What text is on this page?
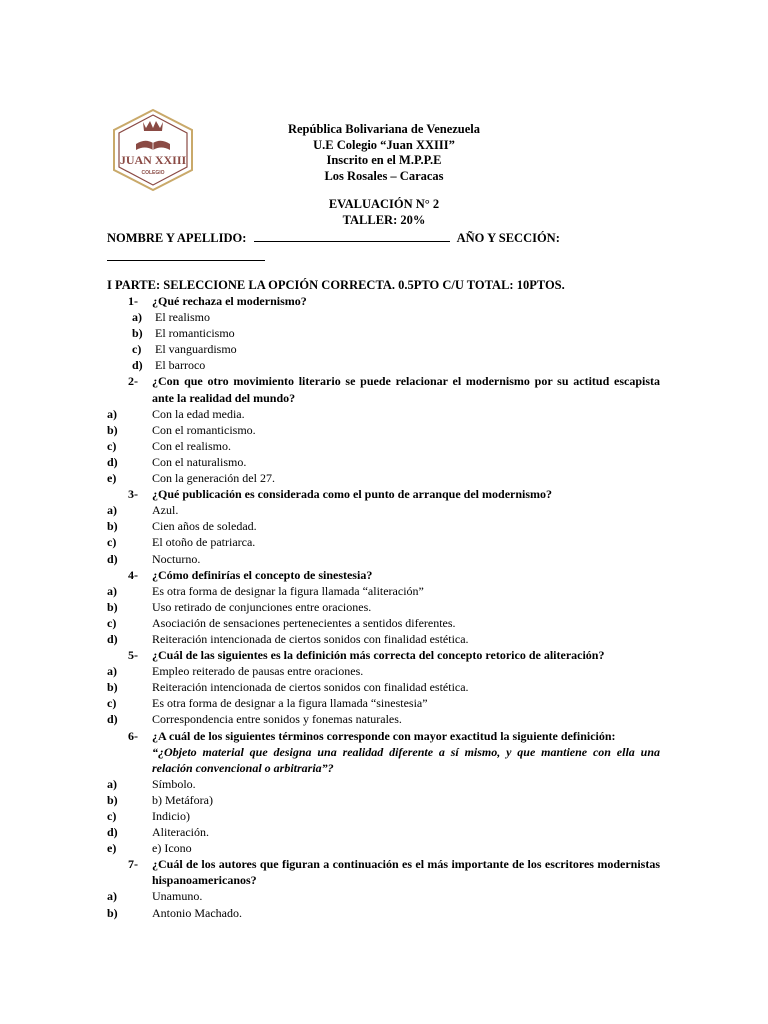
JUAN XXIII
COLEGIO
República Bolivariana de Venezuela
U.E Colegio “Juan XXIII”
Inscrito en el M.P.P.E
Los Rosales – Caracas
EVALUACIÓN N° 2
TALLER: 20%
NOMBRE Y APELLIDO:	AÑO Y SECCIÓN:
I PARTE: SELECCIONE LA OPCIÓN CORRECTA. 0.5PTO C/U TOTAL: 10PTOS.
1- ¿Qué rechaza el modernismo?
a) El realismo
b) El romanticismo
c) El vanguardismo
d) El barroco
2- ¿Con que otro movimiento literario se puede relacionar el modernismo por su actitud escapista ante la realidad del mundo?
a)	Con la edad media.
b)	Con el romanticismo.
c)	Con el realismo.
d)	Con el naturalismo.
e)	Con la generación del 27.
3- ¿Qué publicación es considerada como el punto de arranque del modernismo?
a)	Azul.
b)	Cien años de soledad.
c)	El otoño de patriarca.
d)	Nocturno.
4- ¿Cómo definirías el concepto de sinestesia?
a)	Es otra forma de designar la figura llamada “aliteración”
b)	Uso retirado de conjunciones entre oraciones.
c)	Asociación de sensaciones pertenecientes a sentidos diferentes.
d)	Reiteración intencionada de ciertos sonidos con finalidad estética.
5- ¿Cuál de las siguientes es la definición más correcta del concepto retorico de aliteración?
a)	Empleo reiterado de pausas entre oraciones.
b)	Reiteración intencionada de ciertos sonidos con finalidad estética.
c)	Es otra forma de designar a la figura llamada “sinestesia”
d)	Correspondencia entre sonidos y fonemas naturales.
6- ¿A cuál de los siguientes términos corresponde con mayor exactitud la siguiente definición:
“¿Objeto material que designa una realidad diferente a sí mismo, y que mantiene con ella una relación convencional o arbitraria”?
a)	Símbolo.
b)	b) Metáfora)
c)	Indicio)
d)	Aliteración.
e)	e) Icono
7- ¿Cuál de los autores que figuran a continuación es el más importante de los escritores modernistas hispanoamericanos?
a)	Unamuno.
b)	Antonio Machado.
